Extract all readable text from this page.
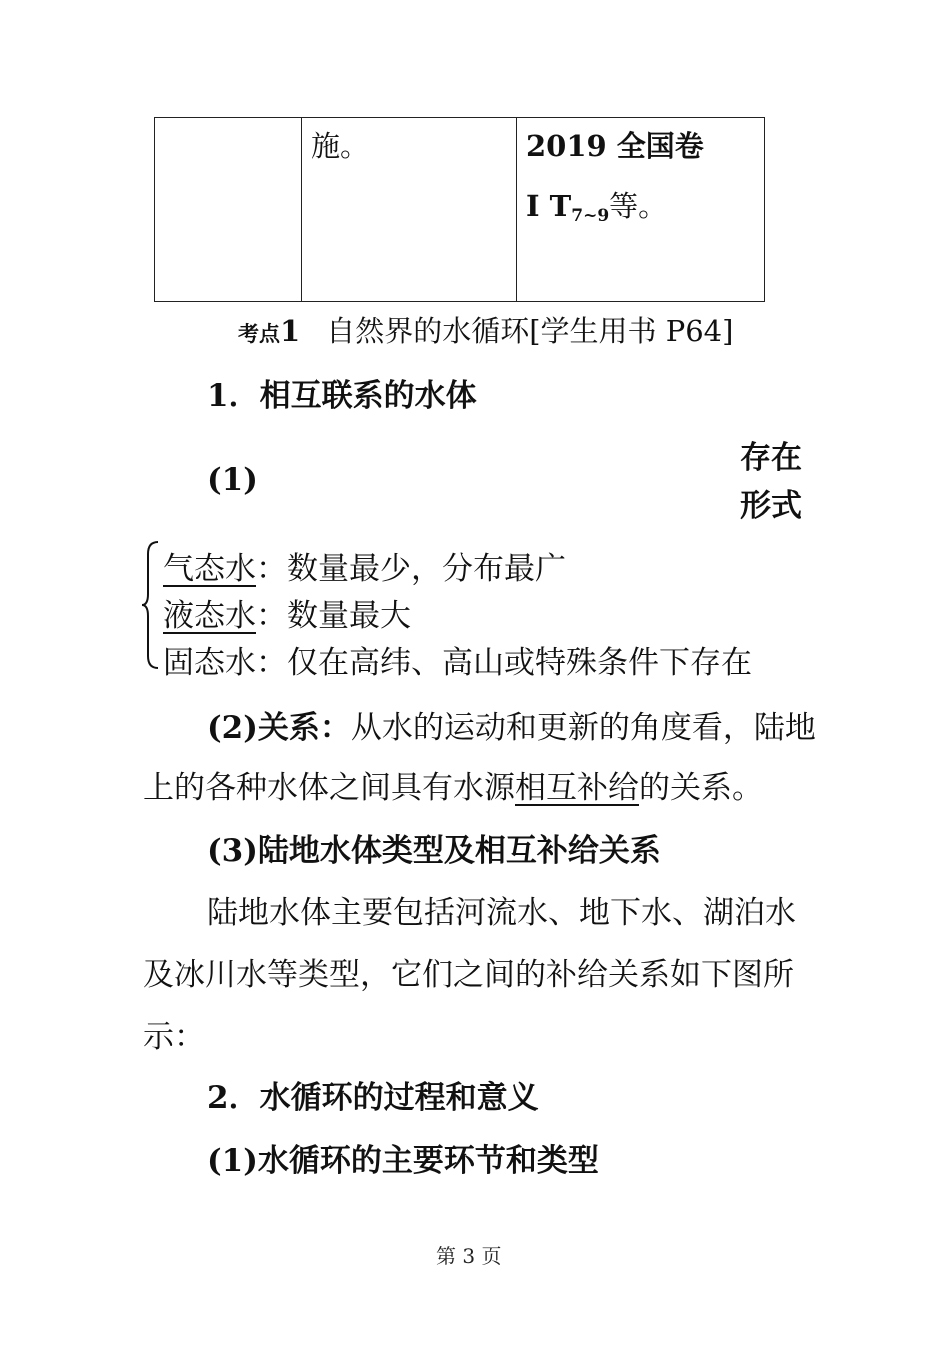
施。	2019 全国卷
Ⅰ $T_{7\sim 9}$等。
考点1 自然界的水循环[学生用书 P64]
1．相互联系的水体
(1)
存在
形式
气态水：数量最少，分布最广
液态水：数量最大
固态水：仅在高纬、高山或特殊条件下存在
(2)关系：从水的运动和更新的角度看，陆地
上的各种水体之间具有水源相互补给的关系。
(3)陆地水体类型及相互补给关系
陆地水体主要包括河流水、地下水、湖泊水
及冰川水等类型，它们之间的补给关系如下图所
示：
2．水循环的过程和意义
(1)水循环的主要环节和类型
第 3 页
